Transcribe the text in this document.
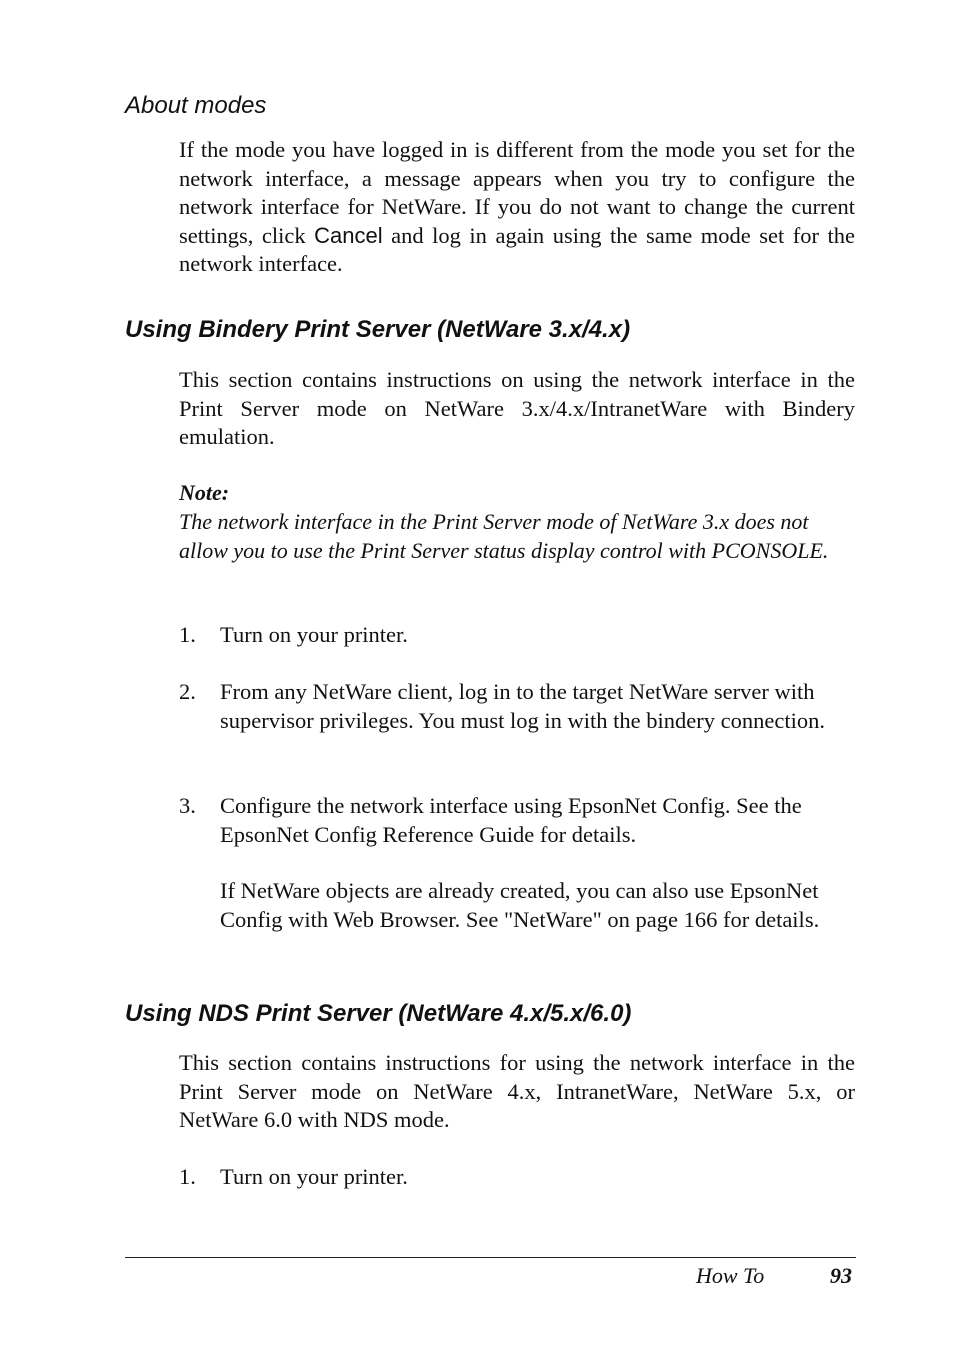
About modes

If the mode you have logged in is different from the mode you set for the network interface, a message appears when you try to configure the network interface for NetWare. If you do not want to change the current settings, click Cancel and log in again using the same mode set for the network interface.

Using Bindery Print Server (NetWare 3.x/4.x)

This section contains instructions on using the network interface in the Print Server mode on NetWare 3.x/4.x/IntranetWare with Bindery emulation.

Note:

The network interface in the Print Server mode of NetWare 3.x does not allow you to use the Print Server status display control with PCONSOLE.

1. Turn on your printer.
2. From any NetWare client, log in to the target NetWare server with supervisor privileges. You must log in with the bindery connection.
3. Configure the network interface using EpsonNet Config. See the EpsonNet Config Reference Guide for details.

If NetWare objects are already created, you can also use EpsonNet Config with Web Browser. See "NetWare" on page 166 for details.

Using NDS Print Server (NetWare 4.x/5.x/6.0)

This section contains instructions for using the network interface in the Print Server mode on NetWare 4.x, IntranetWare, NetWare 5.x, or NetWare 6.0 with NDS mode.

1. Turn on your printer.
How To	93
